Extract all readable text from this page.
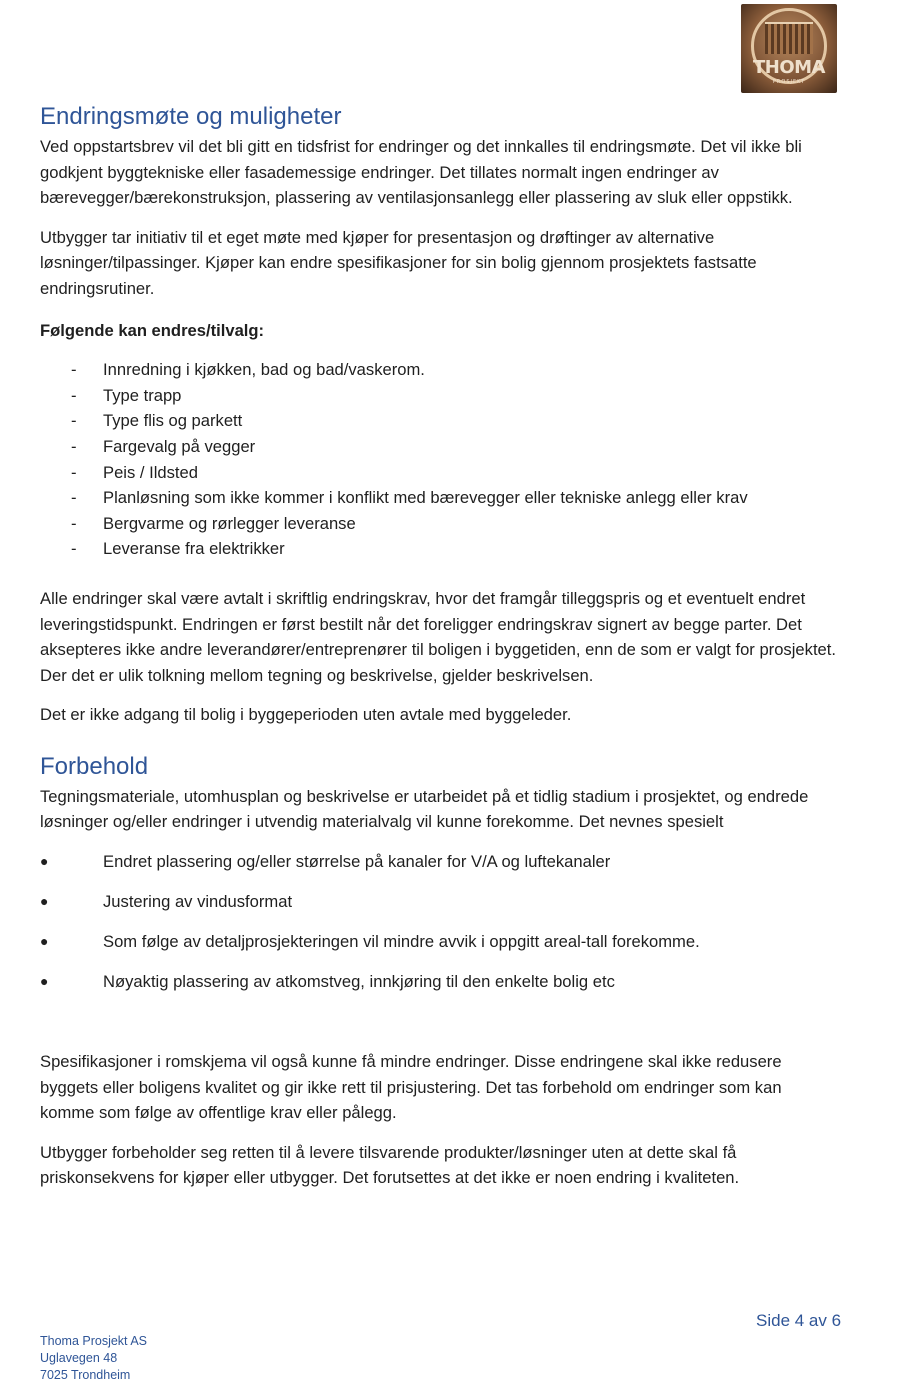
THOMA
PROSJEKT
Endringsmøte og muligheter

Ved oppstartsbrev vil det bli gitt en tidsfrist for endringer og det innkalles til endringsmøte. Det vil ikke bli godkjent byggtekniske eller fasademessige endringer. Det tillates normalt ingen endringer av bærevegger/bærekonstruksjon, plassering av ventilasjonsanlegg eller plassering av sluk eller oppstikk.

Utbygger tar initiativ til et eget møte med kjøper for presentasjon og drøftinger av alternative løsninger/tilpassinger. Kjøper kan endre spesifikasjoner for sin bolig gjennom prosjektets fastsatte endringsrutiner.

Følgende kan endres/tilvalg:

- Innredning i kjøkken, bad og bad/vaskerom.
- Type trapp
- Type flis og parkett
- Fargevalg på vegger
- Peis / Ildsted
- Planløsning som ikke kommer i konflikt med bærevegger eller tekniske anlegg eller krav
- Bergvarme og rørlegger leveranse
- Leveranse fra elektrikker

Alle endringer skal være avtalt i skriftlig endringskrav, hvor det framgår tilleggspris og et eventuelt endret leveringstidspunkt. Endringen er først bestilt når det foreligger endringskrav signert av begge parter. Det aksepteres ikke andre leverandører/entreprenører til boligen i byggetiden, enn de som er valgt for prosjektet. Der det er ulik tolkning mellom tegning og beskrivelse, gjelder beskrivelsen.

Det er ikke adgang til bolig i byggeperioden uten avtale med byggeleder.

Forbehold

Tegningsmateriale, utomhusplan og beskrivelse er utarbeidet på et tidlig stadium i prosjektet, og endrede løsninger og/eller endringer i utvendig materialvalg vil kunne forekomme. Det nevnes spesielt

●	Endret plassering og/eller størrelse på kanaler for V/A og luftekanaler
●	Justering av vindusformat
●	Som følge av detaljprosjekteringen vil mindre avvik i oppgitt areal-tall forekomme.
●	Nøyaktig plassering av atkomstveg, innkjøring til den enkelte bolig etc

Spesifikasjoner i romskjema vil også kunne få mindre endringer. Disse endringene skal ikke redusere byggets eller boligens kvalitet og gir ikke rett til prisjustering. Det tas forbehold om endringer som kan komme som følge av offentlige krav eller pålegg.

Utbygger forbeholder seg retten til å levere tilsvarende produkter/løsninger uten at dette skal få priskonsekvens for kjøper eller utbygger. Det forutsettes at det ikke er noen endring i kvaliteten.

Side 4 av 6
Thoma Prosjekt AS
Uglavegen 48
7025 Trondheim
